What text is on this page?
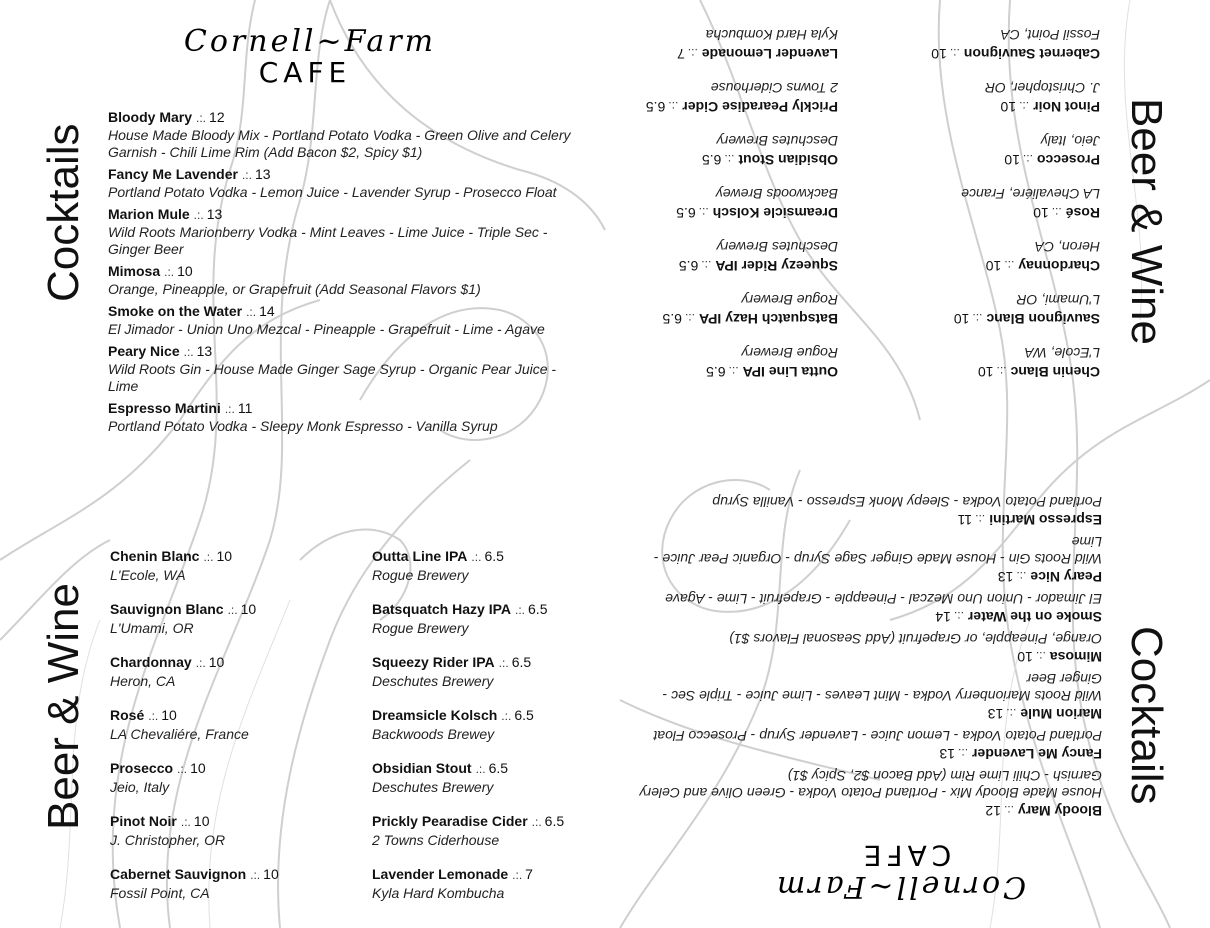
Cornell~Farm
CAFE
Cocktails
Beer & Wine
Bloody Mary .:. 12
House Made Bloody Mix - Portland Potato Vodka - Green Olive and Celery Garnish - Chili Lime Rim (Add Bacon $2, Spicy $1)
Fancy Me Lavender .:. 13
Portland Potato Vodka - Lemon Juice - Lavender Syrup - Prosecco Float
Marion Mule .:. 13
Wild Roots Marionberry Vodka - Mint Leaves - Lime Juice - Triple Sec - Ginger Beer
Mimosa .:. 10
Orange, Pineapple, or Grapefruit (Add Seasonal Flavors $1)
Smoke on the Water .:. 14
El Jimador - Union Uno Mezcal - Pineapple - Grapefruit - Lime - Agave
Peary Nice .:. 13
Wild Roots Gin - House Made Ginger Sage Syrup - Organic Pear Juice - Lime
Espresso Martini .:. 11
Portland Potato Vodka - Sleepy Monk Espresso - Vanilla Syrup
Chenin Blanc .:. 10
L'Ecole, WA
Sauvignon Blanc .:. 10
L'Umami, OR
Chardonnay .:. 10
Heron, CA
Rosé .:. 10
LA Chevaliére, France
Prosecco .:. 10
Jeio, Italy
Pinot Noir .:. 10
J. Christopher, OR
Cabernet Sauvignon .:. 10
Fossil Point, CA
Outta Line IPA .:. 6.5
Rogue Brewery
Batsquatch Hazy IPA .:. 6.5
Rogue Brewery
Squeezy Rider IPA .:. 6.5
Deschutes Brewery
Dreamsicle Kolsch .:. 6.5
Backwoods Brewey
Obsidian Stout .:. 6.5
Deschutes Brewery
Prickly Pearadise Cider .:. 6.5
2 Towns Ciderhouse
Lavender Lemonade .:. 7
Kyla Hard Kombucha	Cornell~Farm
CAFE
Cocktails
Beer & Wine
Bloody Mary.:.12
House Made Bloody Mix - Portland Potato Vodka - Green Olive and Celery Garnish - Chili Lime Rim (Add Bacon $2, Spicy $1)
Fancy Me Lavender.:.13
Portland Potato Vodka - Lemon Juice - Lavender Syrup - Prosecco Float
Marion Mule.:.13
Wild Roots Marionberry Vodka - Mint Leaves - Lime Juice - Triple Sec - Ginger Beer
Mimosa.:.10
Orange, Pineapple, or Grapefruit (Add Seasonal Flavors $1)
Smoke on the Water.:.14
El Jimador - Union Uno Mezcal - Pineapple - Grapefruit - Lime - Agave
Peary Nice.:.13
Wild Roots Gin - House Made Ginger Sage Syrup - Organic Pear Juice - Lime
Espresso Martini.:.11
Portland Potato Vodka - Sleepy Monk Espresso - Vanilla Syrup
Chenin Blanc.:.10
L'Ecole, WA
Sauvignon Blanc.:.10
L'Umami, OR
Chardonnay.:.10
Heron, CA
Rosé.:.10
LA Chevaliére, France
Prosecco.:.10
Jeio, Italy
Pinot Noir.:.10
J. Christopher, OR
Cabernet Sauvignon.:.10
Fossil Point, CA
Outta Line IPA.:.6.5
Rogue Brewery
Batsquatch Hazy IPA.:.6.5
Rogue Brewery
Squeezy Rider IPA.:.6.5
Deschutes Brewery
Dreamsicle Kolsch.:.6.5
Backwoods Brewey
Obsidian Stout.:.6.5
Deschutes Brewery
Prickly Pearadise Cider.:.6.5
2 Towns Ciderhouse
Lavender Lemonade.:.7
Kyla Hard Kombucha
